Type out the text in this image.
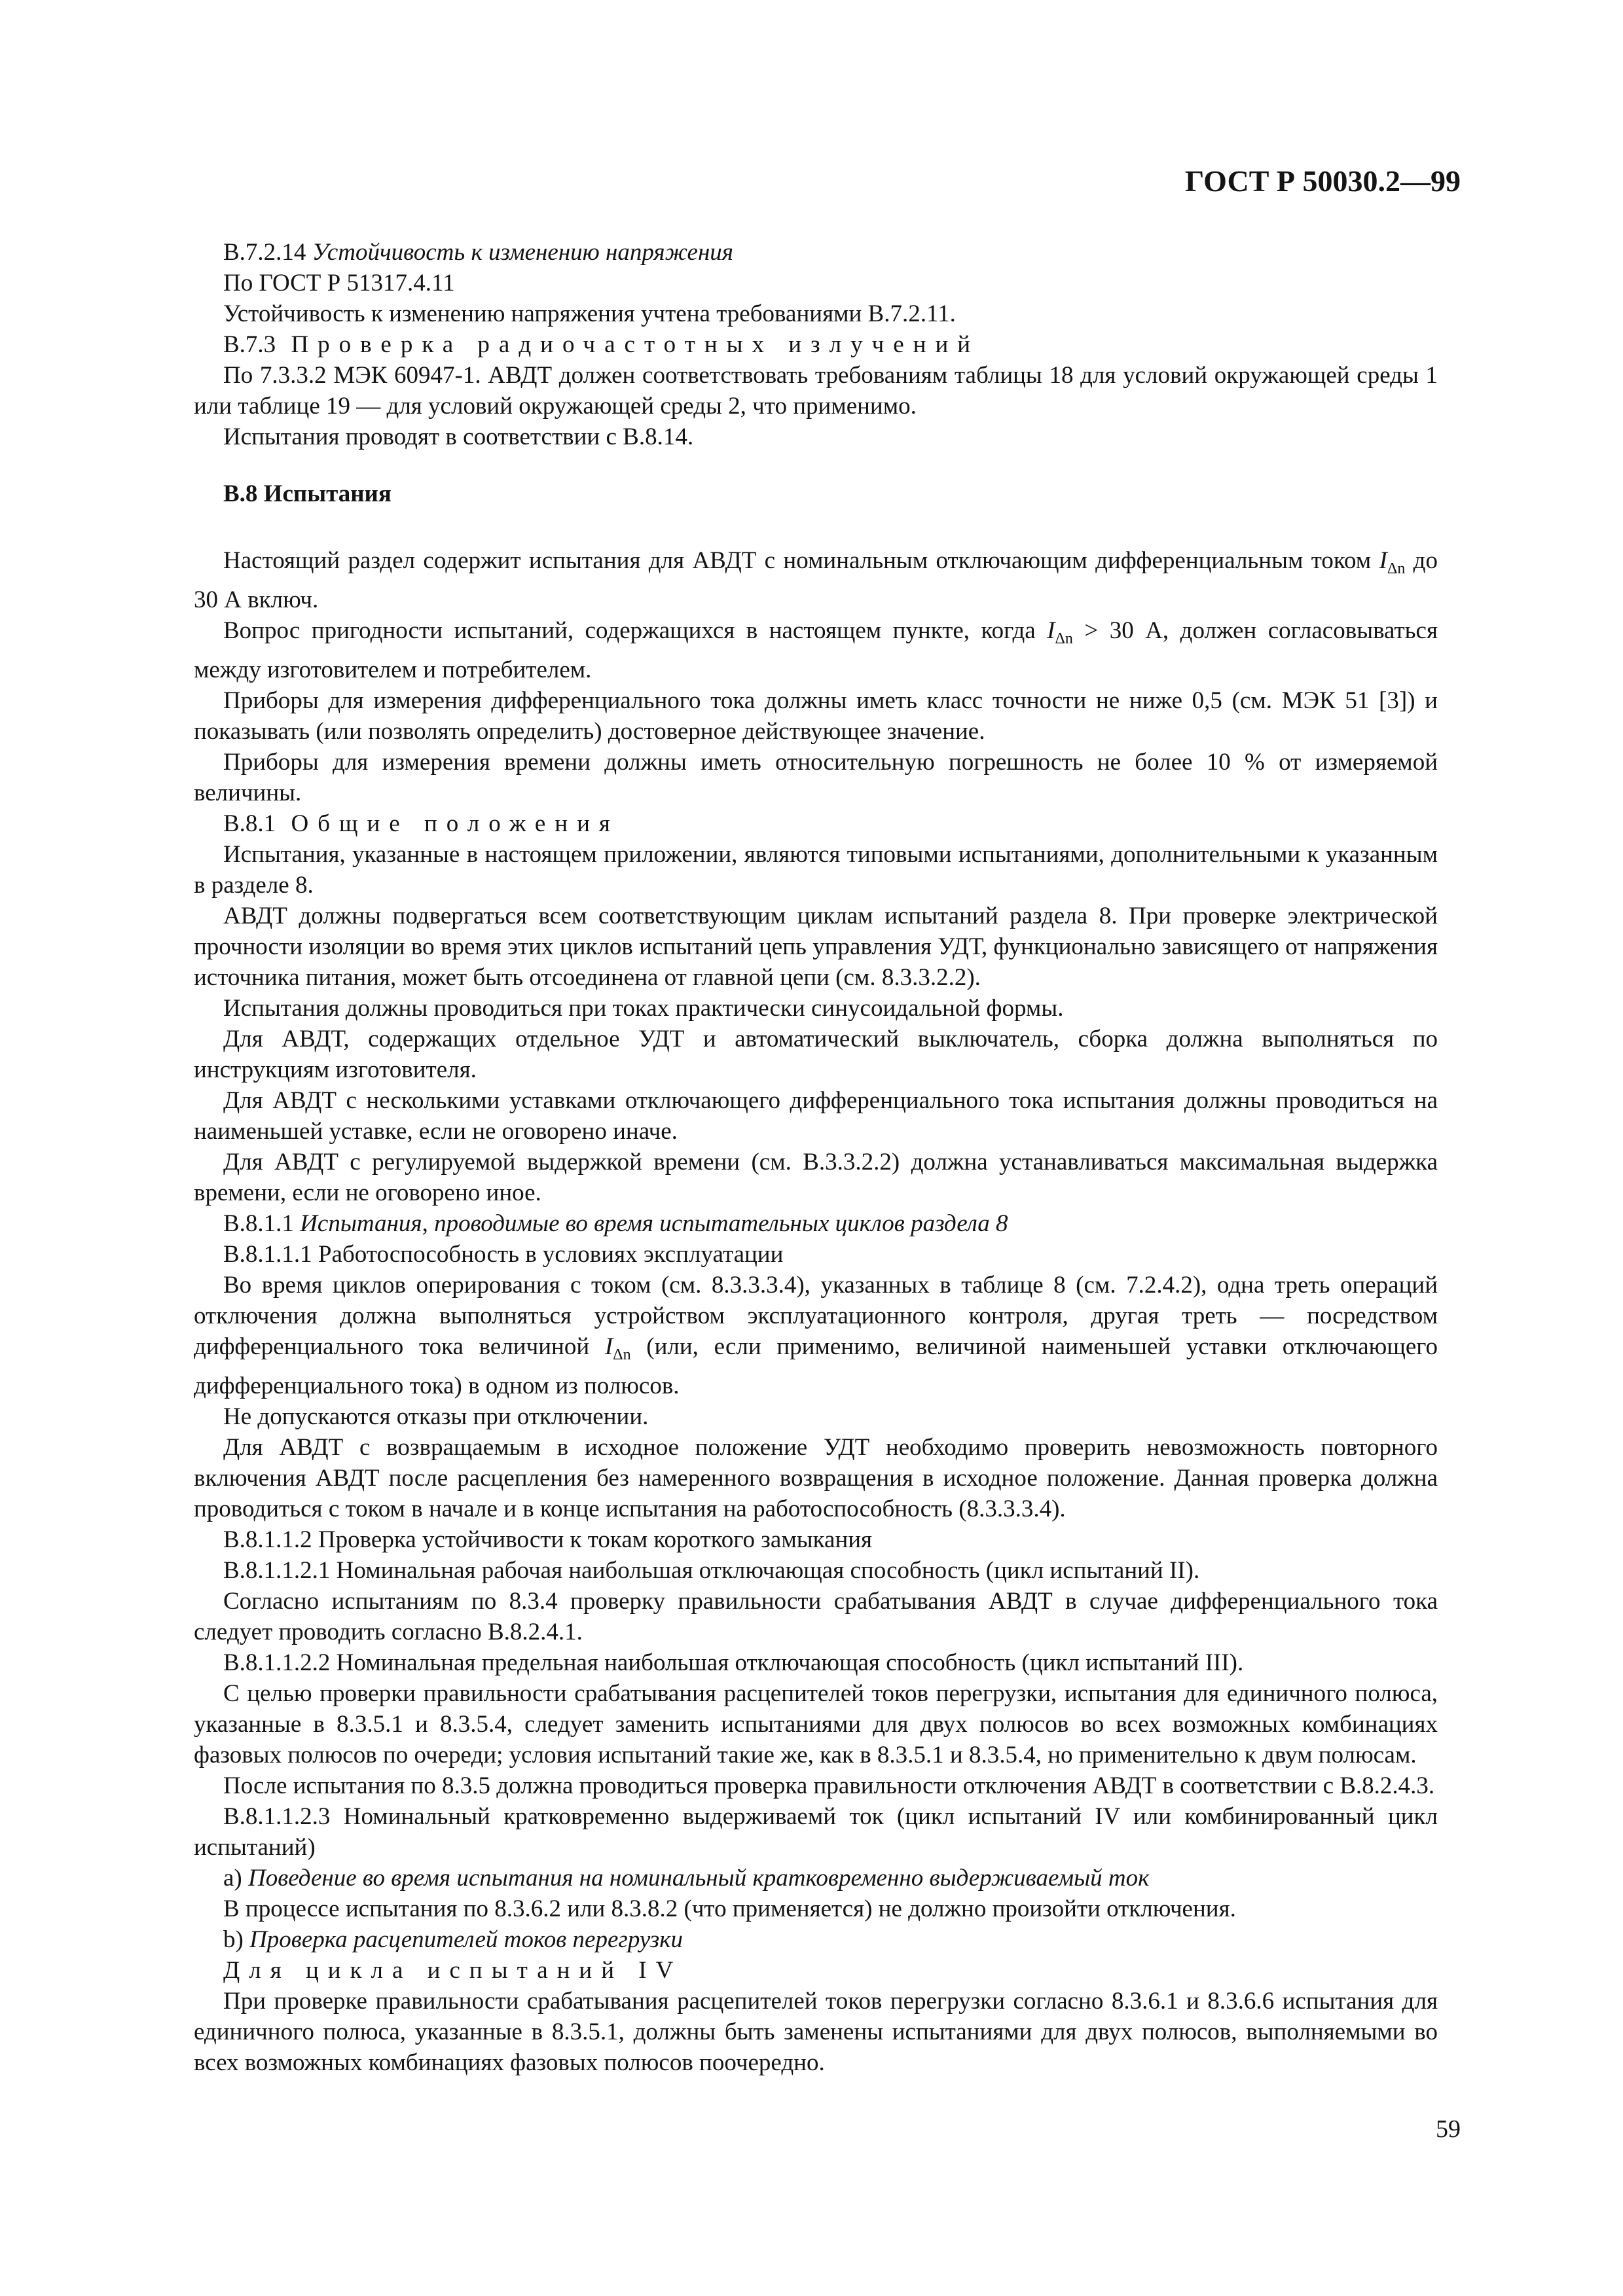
ГОСТ Р 50030.2—99

В.7.2.14 Устойчивость к изменению напряжения

По ГОСТ Р 51317.4.11

Устойчивость к изменению напряжения учтена требованиями В.7.2.11.

В.7.3 Проверка радиочастотных излучений

По 7.3.3.2 МЭК 60947-1. АВДТ должен соответствовать требованиям таблицы 18 для условий окружающей среды 1 или таблице 19 — для условий окружающей среды 2, что применимо.

Испытания проводят в соответствии с В.8.14.

В.8 Испытания

Настоящий раздел содержит испытания для АВДТ с номинальным отключающим дифференциальным током $I_{\Delta n}$ до 30 А включ.

Вопрос пригодности испытаний, содержащихся в настоящем пункте, когда $I_{\Delta n} > 30$ А, должен согласовываться между изготовителем и потребителем.

Приборы для измерения дифференциального тока должны иметь класс точности не ниже 0,5 (см. МЭК 51 [3]) и показывать (или позволять определить) достоверное действующее значение.

Приборы для измерения времени должны иметь относительную погрешность не более 10 % от измеряемой величины.

В.8.1 Общие положения

Испытания, указанные в настоящем приложении, являются типовыми испытаниями, дополнительными к указанным в разделе 8.

АВДТ должны подвергаться всем соответствующим циклам испытаний раздела 8. При проверке электрической прочности изоляции во время этих циклов испытаний цепь управления УДТ, функционально зависящего от напряжения источника питания, может быть отсоединена от главной цепи (см. 8.3.3.2.2).

Испытания должны проводиться при токах практически синусоидальной формы.

Для АВДТ, содержащих отдельное УДТ и автоматический выключатель, сборка должна выполняться по инструкциям изготовителя.

Для АВДТ с несколькими уставками отключающего дифференциального тока испытания должны проводиться на наименьшей уставке, если не оговорено иначе.

Для АВДТ с регулируемой выдержкой времени (см. В.3.3.2.2) должна устанавливаться максимальная выдержка времени, если не оговорено иное.

В.8.1.1 Испытания, проводимые во время испытательных циклов раздела 8

В.8.1.1.1 Работоспособность в условиях эксплуатации

Во время циклов оперирования с током (см. 8.3.3.3.4), указанных в таблице 8 (см. 7.2.4.2), одна треть операций отключения должна выполняться устройством эксплуатационного контроля, другая треть — посредством дифференциального тока величиной $I_{\Delta n}$ (или, если применимо, величиной наименьшей уставки отключающего дифференциального тока) в одном из полюсов.

Не допускаются отказы при отключении.

Для АВДТ с возвращаемым в исходное положение УДТ необходимо проверить невозможность повторного включения АВДТ после расцепления без намеренного возвращения в исходное положение. Данная проверка должна проводиться с током в начале и в конце испытания на работоспособность (8.3.3.3.4).

В.8.1.1.2 Проверка устойчивости к токам короткого замыкания

В.8.1.1.2.1 Номинальная рабочая наибольшая отключающая способность (цикл испытаний II).

Согласно испытаниям по 8.3.4 проверку правильности срабатывания АВДТ в случае дифференциального тока следует проводить согласно В.8.2.4.1.

В.8.1.1.2.2 Номинальная предельная наибольшая отключающая способность (цикл испытаний III).

С целью проверки правильности срабатывания расцепителей токов перегрузки, испытания для единичного полюса, указанные в 8.3.5.1 и 8.3.5.4, следует заменить испытаниями для двух полюсов во всех возможных комбинациях фазовых полюсов по очереди; условия испытаний такие же, как в 8.3.5.1 и 8.3.5.4, но применительно к двум полюсам.

После испытания по 8.3.5 должна проводиться проверка правильности отключения АВДТ в соответствии с В.8.2.4.3.

В.8.1.1.2.3 Номинальный кратковременно выдерживаемй ток (цикл испытаний IV или комбинированный цикл испытаний)

a) Поведение во время испытания на номинальный кратковременно выдерживаемый ток

В процессе испытания по 8.3.6.2 или 8.3.8.2 (что применяется) не должно произойти отключения.

b) Проверка расцепителей токов перегрузки

Для цикла испытаний IV

При проверке правильности срабатывания расцепителей токов перегрузки согласно 8.3.6.1 и 8.3.6.6 испытания для единичного полюса, указанные в 8.3.5.1, должны быть заменены испытаниями для двух полюсов, выполняемыми во всех возможных комбинациях фазовых полюсов поочередно.

59
